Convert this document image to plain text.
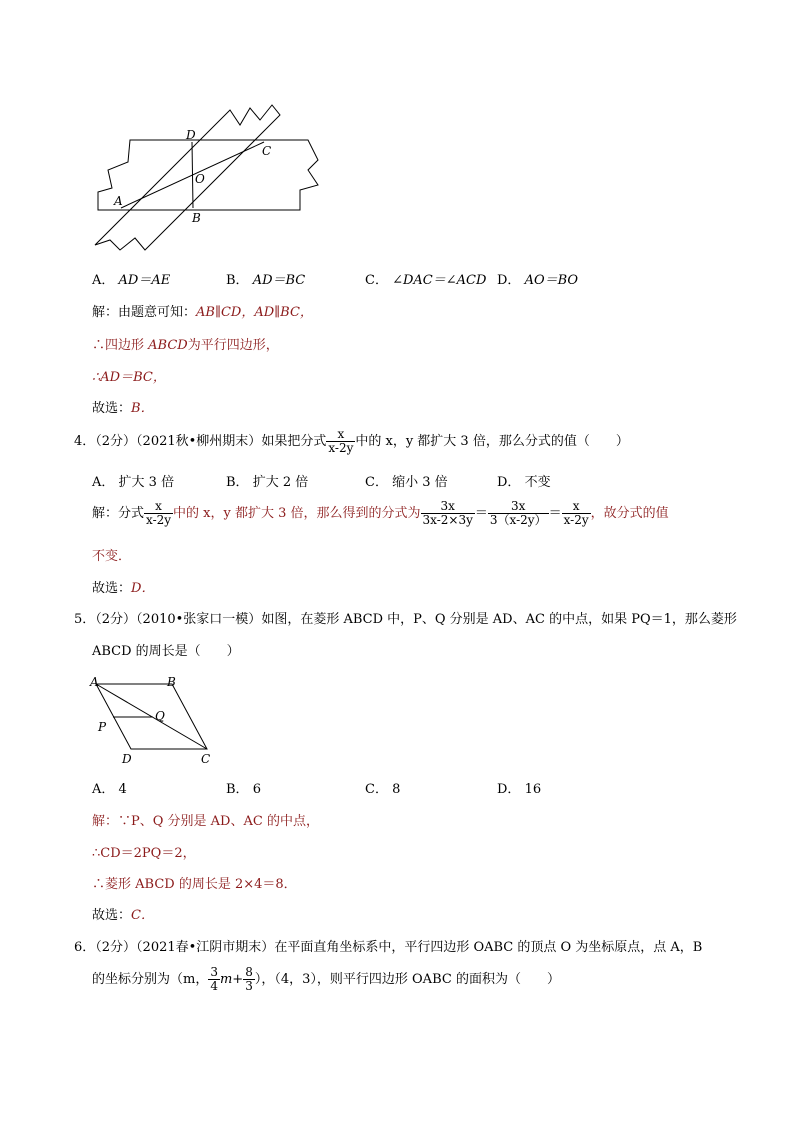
D
C
O
A
B
A． AD＝AE	B． AD＝BC	C． ∠DAC＝∠ACD D． AO＝BO
解：由题意可知：AB∥CD，AD∥BC，
∴四边形 ABCD为平行四边形，
∴AD＝BC，
故选：B．
4．（2分）（2021秋•柳州期末）如果把分式 $\frac{x}{x-2y}$ 中的 x，y 都扩大 3 倍，那么分式的值（　　）
A． 扩大 3 倍	B． 扩大 2 倍	C． 缩小 3 倍	D． 不变
解：分式 $\frac{x}{x-2y}$ 中的 x，y 都扩大 3 倍，那么得到的分式为 $\frac{3x}{3x-2\times 3y} = \frac{3x}{3(x-2y)} = \frac{x}{x-2y}$ ，故分式的值
不变．
故选：D．
5．（2分）（2010•张家口一模）如图，在菱形 ABCD 中，P、Q 分别是 AD、AC 的中点，如果 PQ＝1，那么菱形
ABCD 的周长是（　　）
A	B
P
Q
D	C
A． 4	B． 6	C． 8	D． 16
解：∵P、Q 分别是 AD、AC 的中点，
∴CD＝2PQ＝2，
∴菱形 ABCD 的周长是 2×4＝8．
故选：C．
6．（2分）（2021春•江阴市期末）在平面直角坐标系中，平行四边形 OABC 的顶点 O 为坐标原点，点 A，B
的坐标分别为（m， $\frac{3}{4} m+ \frac{8}{3}$ ），（4，3），则平行四边形 OABC 的面积为（　　）
